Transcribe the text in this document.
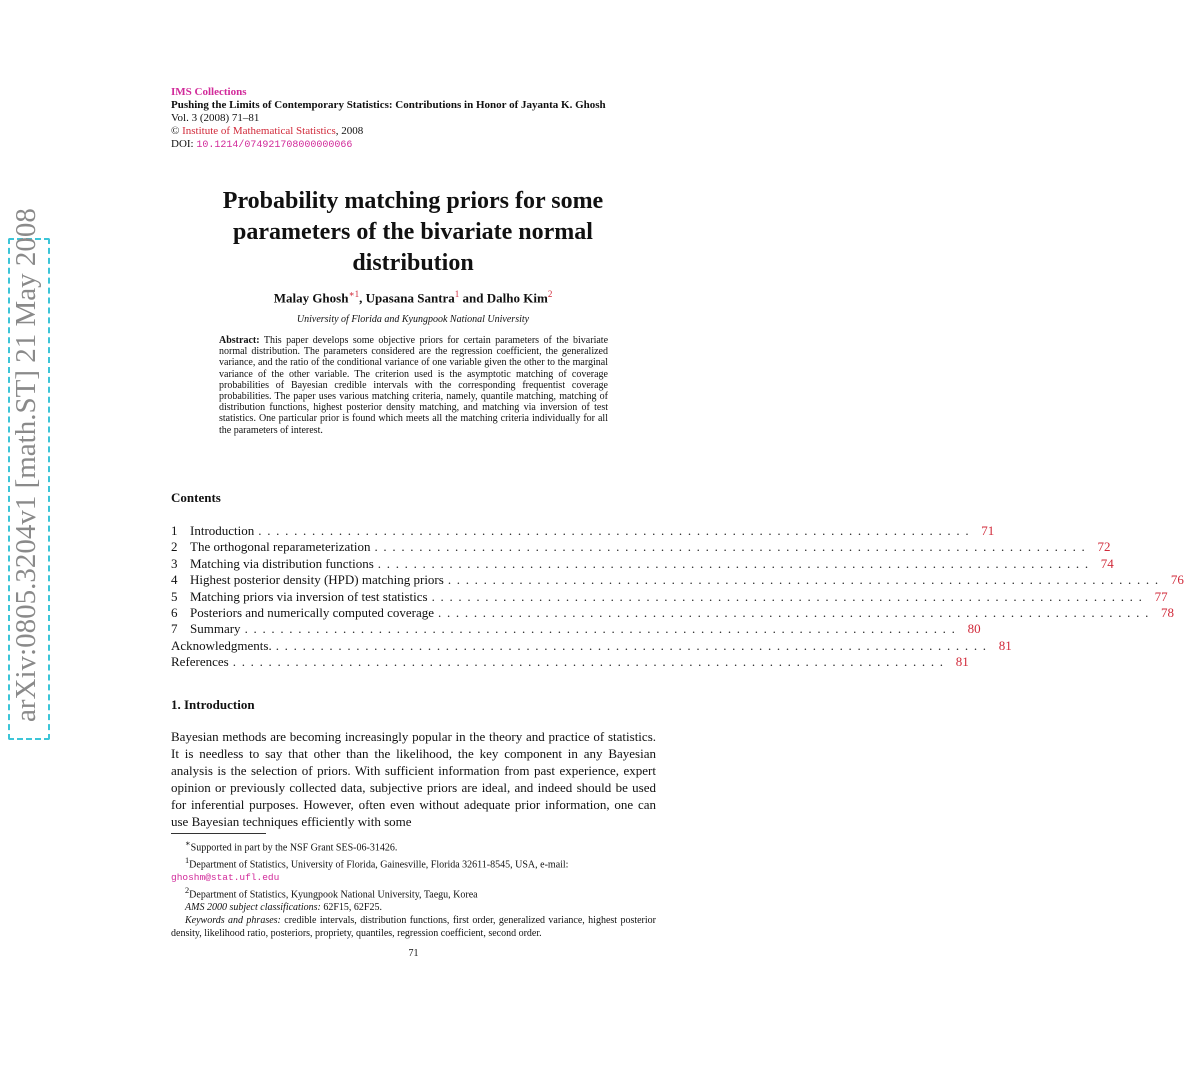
arXiv:0805.3204v1 [math.ST] 21 May 2008
IMS Collections
Pushing the Limits of Contemporary Statistics: Contributions in Honor of Jayanta K. Ghosh
Vol. 3 (2008) 71–81
© Institute of Mathematical Statistics, 2008
DOI: 10.1214/074921708000000066
Probability matching priors for some parameters of the bivariate normal distribution
Malay Ghosh$^{∗1}$, Upasana Santra$^1$ and Dalho Kim$^2$
University of Florida and Kyungpook National University
Abstract: This paper develops some objective priors for certain parameters of the bivariate normal distribution. The parameters considered are the regression coefficient, the generalized variance, and the ratio of the conditional variance of one variable given the other to the marginal variance of the other variable. The criterion used is the asymptotic matching of coverage probabilities of Bayesian credible intervals with the corresponding frequentist coverage probabilities. The paper uses various matching criteria, namely, quantile matching, matching of distribution functions, highest posterior density matching, and matching via inversion of test statistics. One particular prior is found which meets all the matching criteria individually for all the parameters of interest.
Contents
1 Introduction ................................................................................ 71
2 The orthogonal reparameterization ................................................................................ 72
3 Matching via distribution functions ................................................................................ 74
4 Highest posterior density (HPD) matching priors ................................................................................ 76
5 Matching priors via inversion of test statistics ................................................................................ 77
6 Posteriors and numerically computed coverage ................................................................................ 78
7 Summary ................................................................................ 80
Acknowledgments. ................................................................................ 81
References ................................................................................ 81
1. Introduction
Bayesian methods are becoming increasingly popular in the theory and practice of statistics. It is needless to say that other than the likelihood, the key component in any Bayesian analysis is the selection of priors. With sufficient information from past experience, expert opinion or previously collected data, subjective priors are ideal, and indeed should be used for inferential purposes. However, often even without adequate prior information, one can use Bayesian techniques efficiently with some
∗Supported in part by the NSF Grant SES-06-31426.
$^1$Department of Statistics, University of Florida, Gainesville, Florida 32611-8545, USA, e-mail:
ghoshm@stat.ufl.edu
$^2$Department of Statistics, Kyungpook National University, Taegu, Korea
AMS 2000 subject classifications: 62F15, 62F25.
Keywords and phrases: credible intervals, distribution functions, first order, generalized variance, highest posterior density, likelihood ratio, posteriors, propriety, quantiles, regression coefficient, second order.
71
